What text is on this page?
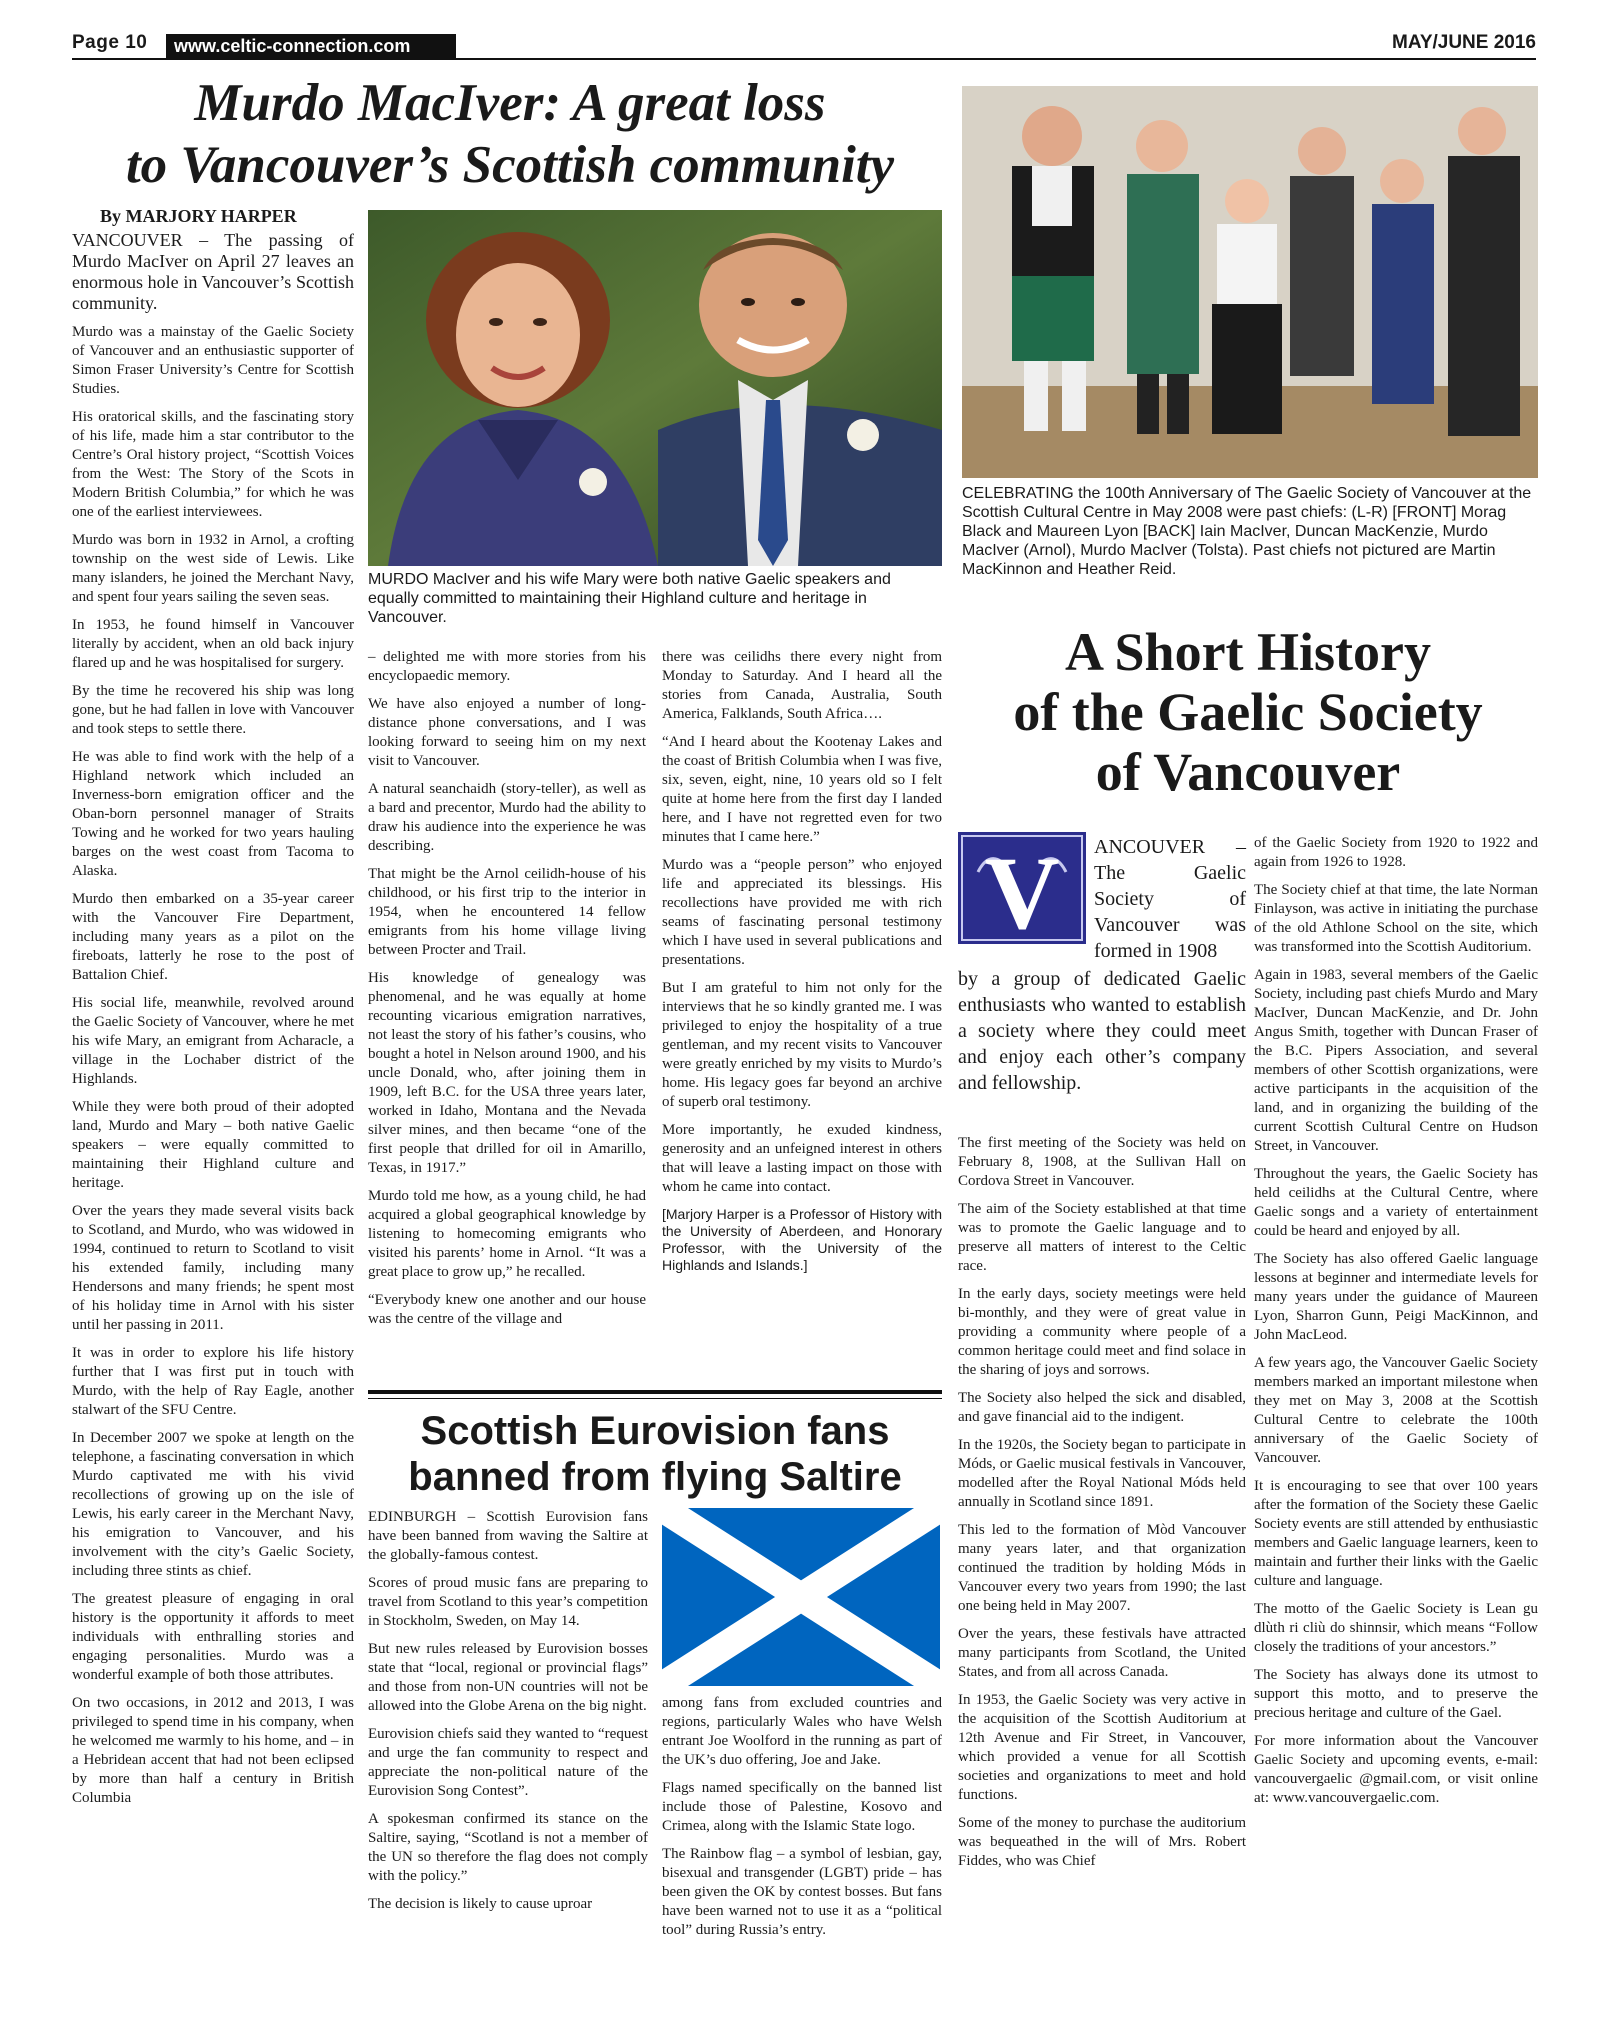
Page 10	www.celtic-connection.com	MAY/JUNE 2016
Murdo MacIver: A great loss
to Vancouver’s Scottish community
By MARJORY HARPER
MURDO MacIver and his wife Mary were both native Gaelic speakers and equally committed to maintaining their Highland culture and heritage in Vancouver.
CELEBRATING the 100th Anniversary of The Gaelic Society of Vancouver at the Scottish Cultural Centre in May 2008 were past chiefs: (L-R) [FRONT] Morag Black and Maureen Lyon [BACK] Iain MacIver, Duncan MacKenzie, Murdo MacIver (Arnol), Murdo MacIver (Tolsta). Past chiefs not pictured are Martin MacKinnon and Heather Reid.

VANCOUVER – The passing of Murdo MacIver on April 27 leaves an enormous hole in Vancouver’s Scottish community.

Murdo was a mainstay of the Gaelic Society of Vancouver and an enthusiastic supporter of Simon Fraser University’s Centre for Scottish Studies.

His oratorical skills, and the fascinating story of his life, made him a star contributor to the Centre’s Oral history project, “Scottish Voices from the West: The Story of the Scots in Modern British Columbia,” for which he was one of the earliest interviewees.

Murdo was born in 1932 in Arnol, a crofting township on the west side of Lewis. Like many islanders, he joined the Merchant Navy, and spent four years sailing the seven seas.

In 1953, he found himself in Vancouver literally by accident, when an old back injury flared up and he was hospitalised for surgery.

By the time he recovered his ship was long gone, but he had fallen in love with Vancouver and took steps to settle there.

He was able to find work with the help of a Highland network which included an Inverness-born emigration officer and the Oban-born personnel manager of Straits Towing and he worked for two years hauling barges on the west coast from Tacoma to Alaska.

Murdo then embarked on a 35-year career with the Vancouver Fire Department, including many years as a pilot on the fireboats, latterly he rose to the post of Battalion Chief.

His social life, meanwhile, revolved around the Gaelic Society of Vancouver, where he met his wife Mary, an emigrant from Acharacle, a village in the Lochaber district of the Highlands.

While they were both proud of their adopted land, Murdo and Mary – both native Gaelic speakers – were equally committed to maintaining their Highland culture and heritage.

Over the years they made several visits back to Scotland, and Murdo, who was widowed in 1994, continued to return to Scotland to visit his extended family, including many Hendersons and many friends; he spent most of his holiday time in Arnol with his sister until her passing in 2011.

It was in order to explore his life history further that I was first put in touch with Murdo, with the help of Ray Eagle, another stalwart of the SFU Centre.

In December 2007 we spoke at length on the telephone, a fascinating conversation in which Murdo captivated me with his vivid recollections of growing up on the isle of Lewis, his early career in the Merchant Navy, his emigration to Vancouver, and his involvement with the city’s Gaelic Society, including three stints as chief.

The greatest pleasure of engaging in oral history is the opportunity it affords to meet individuals with enthralling stories and engaging personalities. Murdo was a wonderful example of both those attributes.

On two occasions, in 2012 and 2013, I was privileged to spend time in his company, when he welcomed me warmly to his home, and – in a Hebridean accent that had not been eclipsed by more than half a century in British Columbia

– delighted me with more stories from his encyclopaedic memory.

We have also enjoyed a number of long-distance phone conversations, and I was looking forward to seeing him on my next visit to Vancouver.

A natural seanchaidh (story-teller), as well as a bard and precentor, Murdo had the ability to draw his audience into the experience he was describing.

That might be the Arnol ceilidh-house of his childhood, or his first trip to the interior in 1954, when he encountered 14 fellow emigrants from his home village living between Procter and Trail.

His knowledge of genealogy was phenomenal, and he was equally at home recounting vicarious emigration narratives, not least the story of his father’s cousins, who bought a hotel in Nelson around 1900, and his uncle Donald, who, after joining them in 1909, left B.C. for the USA three years later, worked in Idaho, Montana and the Nevada silver mines, and then became “one of the first people that drilled for oil in Amarillo, Texas, in 1917.”

Murdo told me how, as a young child, he had acquired a global geographical knowledge by listening to homecoming emigrants who visited his parents’ home in Arnol. “It was a great place to grow up,” he recalled.

“Everybody knew one another and our house was the centre of the village and

there was ceilidhs there every night from Monday to Saturday. And I heard all the stories from Canada, Australia, South America, Falklands, South Africa….

“And I heard about the Kootenay Lakes and the coast of British Columbia when I was five, six, seven, eight, nine, 10 years old so I felt quite at home here from the first day I landed here, and I have not regretted even for two minutes that I came here.”

Murdo was a “people person” who enjoyed life and appreciated its blessings. His recollections have provided me with rich seams of fascinating personal testimony which I have used in several publications and presentations.

But I am grateful to him not only for the interviews that he so kindly granted me. I was privileged to enjoy the hospitality of a true gentleman, and my recent visits to Vancouver were greatly enriched by my visits to Murdo’s home. His legacy goes far beyond an archive of superb oral testimony.

More importantly, he exuded kindness, generosity and an unfeigned interest in others that will leave a lasting impact on those with whom he came into contact.

[Marjory Harper is a Professor of History with the University of Aberdeen, and Honorary Professor, with the University of the Highlands and Islands.]

Scottish Eurovision fans
banned from flying Saltire

EDINBURGH – Scottish Eurovision fans have been banned from waving the Saltire at the globally-famous contest.

Scores of proud music fans are preparing to travel from Scotland to this year’s competition in Stockholm, Sweden, on May 14.

But new rules released by Eurovision bosses state that “local, regional or provincial flags” and those from non-UN countries will not be allowed into the Globe Arena on the big night.

Eurovision chiefs said they wanted to “request and urge the fan community to respect and appreciate the non-political nature of the Eurovision Song Contest”.

A spokesman confirmed its stance on the Saltire, saying, “Scotland is not a member of the UN so therefore the flag does not comply with the policy.”

The decision is likely to cause uproar

among fans from excluded countries and regions, particularly Wales who have Welsh entrant Joe Woolford in the running as part of the UK’s duo offering, Joe and Jake.

Flags named specifically on the banned list include those of Palestine, Kosovo and Crimea, along with the Islamic State logo.

The Rainbow flag – a symbol of lesbian, gay, bisexual and transgender (LGBT) pride – has been given the OK by contest bosses. But fans have been warned not to use it as a “political tool” during Russia’s entry.

A Short History
of the Gaelic Society
of Vancouver
V ANCOUVER – The Gaelic Society of Vancouver was formed in 1908
by a group of dedicated Gaelic enthusiasts who wanted to establish a society where they could meet and enjoy each other’s company and fellowship.

The first meeting of the Society was held on February 8, 1908, at the Sullivan Hall on Cordova Street in Vancouver.

The aim of the Society established at that time was to promote the Gaelic language and to preserve all matters of interest to the Celtic race.

In the early days, society meetings were held bi-monthly, and they were of great value in providing a community where people of a common heritage could meet and find solace in the sharing of joys and sorrows.

The Society also helped the sick and disabled, and gave financial aid to the indigent.

In the 1920s, the Society began to participate in Móds, or Gaelic musical festivals in Vancouver, modelled after the Royal National Móds held annually in Scotland since 1891.

This led to the formation of Mòd Vancouver many years later, and that organization continued the tradition by holding Móds in Vancouver every two years from 1990; the last one being held in May 2007.

Over the years, these festivals have attracted many participants from Scotland, the United States, and from all across Canada.

In 1953, the Gaelic Society was very active in the acquisition of the Scottish Auditorium at 12th Avenue and Fir Street, in Vancouver, which provided a venue for all Scottish societies and organizations to meet and hold functions.

Some of the money to purchase the auditorium was bequeathed in the will of Mrs. Robert Fiddes, who was Chief

of the Gaelic Society from 1920 to 1922 and again from 1926 to 1928.

The Society chief at that time, the late Norman Finlayson, was active in initiating the purchase of the old Athlone School on the site, which was transformed into the Scottish Auditorium.

Again in 1983, several members of the Gaelic Society, including past chiefs Murdo and Mary MacIver, Duncan MacKenzie, and Dr. John Angus Smith, together with Duncan Fraser of the B.C. Pipers Association, and several members of other Scottish organizations, were active participants in the acquisition of the land, and in organizing the building of the current Scottish Cultural Centre on Hudson Street, in Vancouver.

Throughout the years, the Gaelic Society has held ceilidhs at the Cultural Centre, where Gaelic songs and a variety of entertainment could be heard and enjoyed by all.

The Society has also offered Gaelic language lessons at beginner and intermediate levels for many years under the guidance of Maureen Lyon, Sharron Gunn, Peigi MacKinnon, and John MacLeod.

A few years ago, the Vancouver Gaelic Society members marked an important milestone when they met on May 3, 2008 at the Scottish Cultural Centre to celebrate the 100th anniversary of the Gaelic Society of Vancouver.

It is encouraging to see that over 100 years after the formation of the Society these Gaelic Society events are still attended by enthusiastic members and Gaelic language learners, keen to maintain and further their links with the Gaelic culture and language.

The motto of the Gaelic Society is Lean gu dlùth ri cliù do shinnsir, which means “Follow closely the traditions of your ancestors.”

The Society has always done its utmost to support this motto, and to preserve the precious heritage and culture of the Gael.

For more information about the Vancouver Gaelic Society and upcoming events, e-mail: vancouvergaelic @gmail.com, or visit online at: www.vancouvergaelic.com.
